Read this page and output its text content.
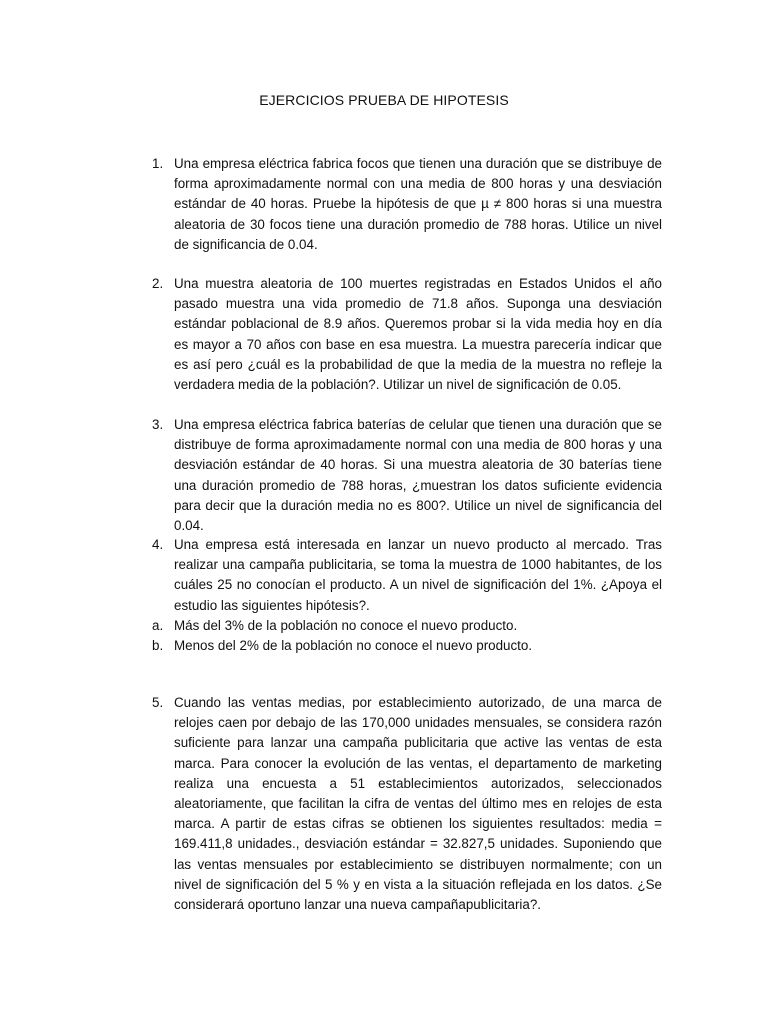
EJERCICIOS PRUEBA DE HIPOTESIS
1. Una empresa eléctrica fabrica focos que tienen una duración que se distribuye de forma aproximadamente normal con una media de 800 horas y una desviación estándar de 40 horas. Pruebe la hipótesis de que µ ≠ 800 horas si una muestra aleatoria de 30 focos tiene una duración promedio de 788 horas. Utilice un nivel de significancia de 0.04.
2. Una muestra aleatoria de 100 muertes registradas en Estados Unidos el año pasado muestra una vida promedio de 71.8 años. Suponga una desviación estándar poblacional de 8.9 años. Queremos probar si la vida media hoy en día es mayor a 70 años con base en esa muestra. La muestra parecería indicar que es así pero ¿cuál es la probabilidad de que la media de la muestra no refleje la verdadera media de la población?. Utilizar un nivel de significación de 0.05.
3. Una empresa eléctrica fabrica baterías de celular que tienen una duración que se distribuye de forma aproximadamente normal con una media de 800 horas y una desviación estándar de 40 horas. Si una muestra aleatoria de 30 baterías tiene una duración promedio de 788 horas, ¿muestran los datos suficiente evidencia para decir que la duración media no es 800?. Utilice un nivel de significancia del 0.04.
4. Una empresa está interesada en lanzar un nuevo producto al mercado. Tras realizar una campaña publicitaria, se toma la muestra de 1000 habitantes, de los cuáles 25 no conocían el producto. A un nivel de significación del 1%. ¿Apoya el estudio las siguientes hipótesis?.
a. Más del 3% de la población no conoce el nuevo producto.
b. Menos del 2% de la población no conoce el nuevo producto.
5. Cuando las ventas medias, por establecimiento autorizado, de una marca de relojes caen por debajo de las 170,000 unidades mensuales, se considera razón suficiente para lanzar una campaña publicitaria que active las ventas de esta marca. Para conocer la evolución de las ventas, el departamento de marketing realiza una encuesta a 51 establecimientos autorizados, seleccionados aleatoriamente, que facilitan la cifra de ventas del último mes en relojes de esta marca. A partir de estas cifras se obtienen los siguientes resultados: media = 169.411,8 unidades., desviación estándar = 32.827,5 unidades. Suponiendo que las ventas mensuales por establecimiento se distribuyen normalmente; con un nivel de significación del 5 % y en vista a la situación reflejada en los datos. ¿Se considerará oportuno lanzar una nueva campañapublicitaria?.
